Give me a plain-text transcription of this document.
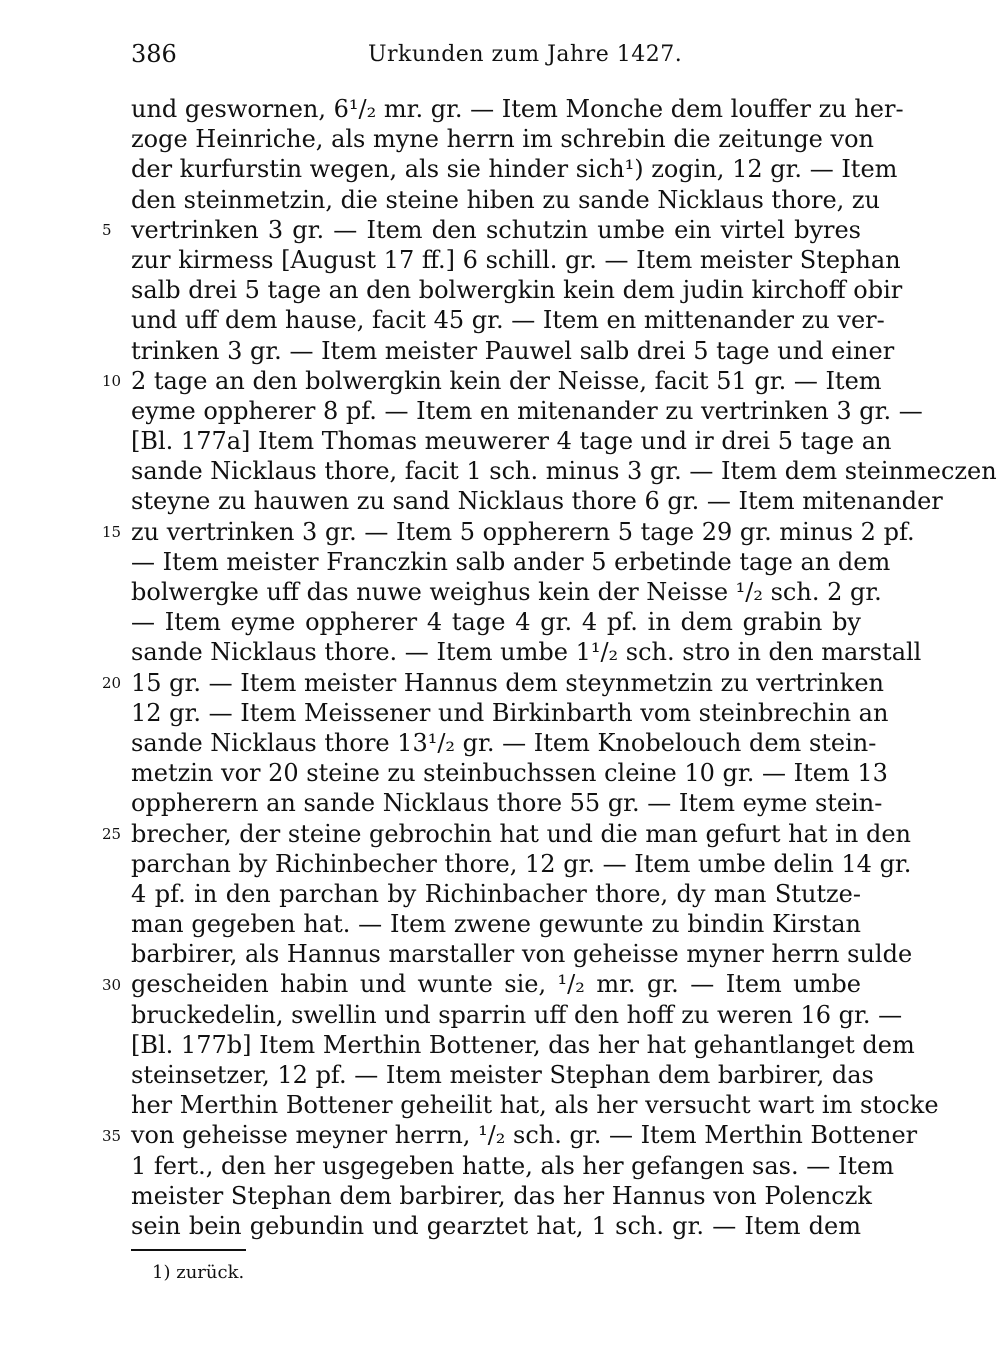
386	Urkunden zum Jahre 1427.
und geswornen, 6¹/₂ mr. gr. — Item Monche dem louffer zu her-
zoge Heinriche, als myne herrn im schrebin die zeitunge von
der kurfurstin wegen, als sie hinder sich¹) zogin, 12 gr. — Item
den steinmetzin, die steine hiben zu sande Nicklaus thore, zu
vertrinken 3 gr. — Item den schutzin umbe ein virtel byres
zur kirmess [August 17 ff.] 6 schill. gr. — Item meister Stephan
salb drei 5 tage an den bolwergkin kein dem judin kirchoff obir
und uff dem hause, facit 45 gr. — Item en mittenander zu ver-
trinken 3 gr. — Item meister Pauwel salb drei 5 tage und einer
2 tage an den bolwergkin kein der Neisse, facit 51 gr. — Item
eyme oppherer 8 pf. — Item en mitenander zu vertrinken 3 gr. —
[Bl. 177a] Item Thomas meuwerer 4 tage und ir drei 5 tage an
sande Nicklaus thore, facit 1 sch. minus 3 gr. — Item dem steinmeczen
steyne zu hauwen zu sand Nicklaus thore 6 gr. — Item mitenander
zu vertrinken 3 gr. — Item 5 oppherern 5 tage 29 gr. minus 2 pf.
— Item meister Franczkin salb ander 5 erbetinde tage an dem
bolwergke uff das nuwe weighus kein der Neisse ¹/₂ sch. 2 gr.
— Item eyme oppherer 4 tage 4 gr. 4 pf. in dem grabin by
sande Nicklaus thore. — Item umbe 1¹/₂ sch. stro in den marstall
15 gr. — Item meister Hannus dem steynmetzin zu vertrinken
12 gr. — Item Meissener und Birkinbarth vom steinbrechin an
sande Nicklaus thore 13¹/₂ gr. — Item Knobelouch dem stein-
metzin vor 20 steine zu steinbuchssen cleine 10 gr. — Item 13
oppherern an sande Nicklaus thore 55 gr. — Item eyme stein-
brecher, der steine gebrochin hat und die man gefurt hat in den
parchan by Richinbecher thore, 12 gr. — Item umbe delin 14 gr.
4 pf. in den parchan by Richinbacher thore, dy man Stutze-
man gegeben hat. — Item zwene gewunte zu bindin Kirstan
barbirer, als Hannus marstaller von geheisse myner herrn sulde
gescheiden habin und wunte sie, ¹/₂ mr. gr. — Item umbe
bruckedelin, swellin und sparrin uff den hoff zu weren 16 gr. —
[Bl. 177b] Item Merthin Bottener, das her hat gehantlanget dem
steinsetzer, 12 pf. — Item meister Stephan dem barbirer, das
her Merthin Bottener geheilit hat, als her versucht wart im stocke
von geheisse meyner herrn, ¹/₂ sch. gr. — Item Merthin Bottener
1 fert., den her usgegeben hatte, als her gefangen sas. — Item
meister Stephan dem barbirer, das her Hannus von Polenczk
sein bein gebundin und gearztet hat, 1 sch. gr. — Item dem
5
10
15
20
25
30
35
1) zurück.
